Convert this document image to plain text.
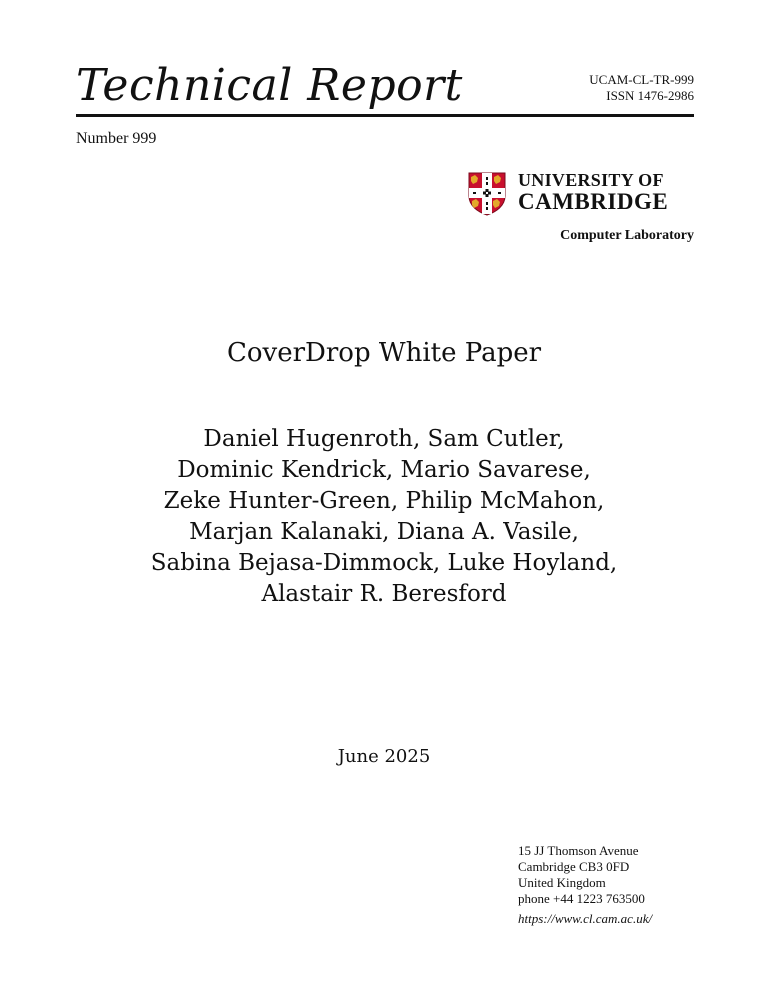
Technical Report	UCAM-CL-TR-999
ISSN 1476-2986
Number 999
UNIVERSITY OF
CAMBRIDGE
Computer Laboratory
CoverDrop White Paper
Daniel Hugenroth, Sam Cutler,
Dominic Kendrick, Mario Savarese,
Zeke Hunter-Green, Philip McMahon,
Marjan Kalanaki, Diana A. Vasile,
Sabina Bejasa-Dimmock, Luke Hoyland,
Alastair R. Beresford
June 2025
15 JJ Thomson Avenue
Cambridge CB3 0FD
United Kingdom
phone +44 1223 763500
https://www.cl.cam.ac.uk/
